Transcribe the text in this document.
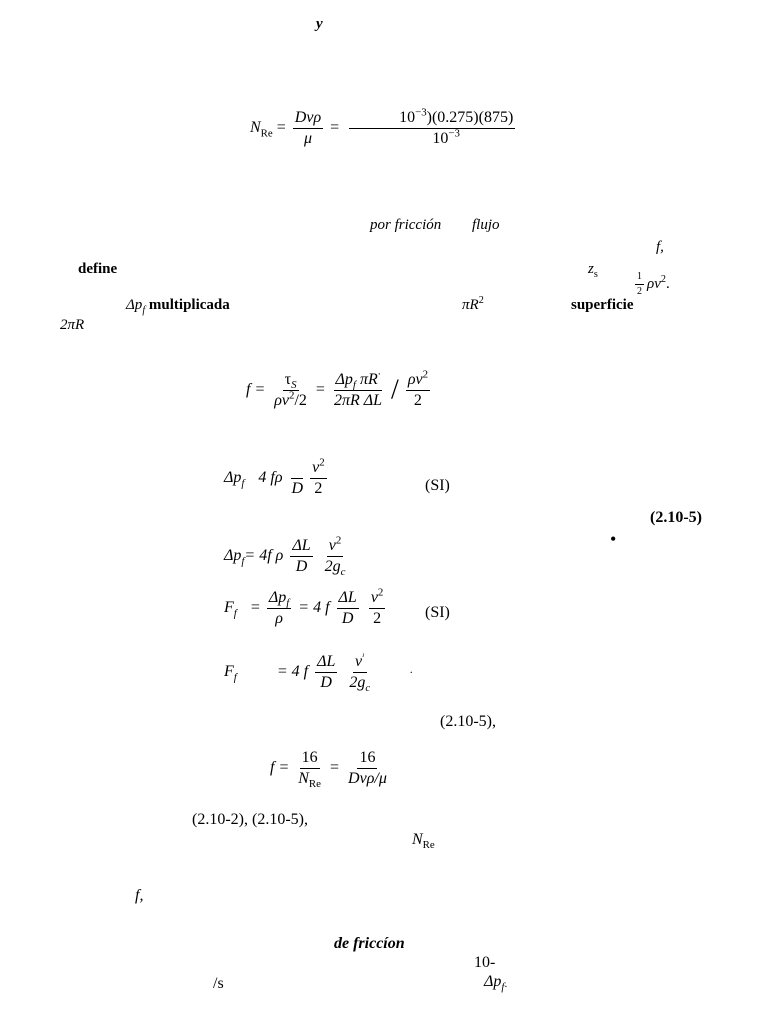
y
$N_{Re} = \frac{\text{Dvρ}}{\mu} = \frac{10^{-3})(0.275)(875)}{10^{-3}}$
por fricción flujo
f,
define	$z_s$	$\frac{1}{2} \rho v^2$.
$\Delta p_f$ multiplicada	$\pi R^2$	superficie
2πR
$f = \frac{\tau_S}{\rho v^2/2} = \frac{\Delta p_f \pi R^\cdot}{\text{2πR ΔL}} / \frac{\rho v^2}{2}$
$\Delta p_f$ 4 fρ

D
$\frac{v^2}{2}$	(SI)
(2.10-5)
•
$\Delta p_f= 4f$ ρ $\frac{\Delta L}{D}$
$\frac{v^2}{2g_c}$
$F_f = \frac{\Delta p_f}{\rho} = 4$ f $\frac{\Delta L}{D}$
$\frac{v^2}{2} (SI)$
$F_f$	= 4 f $\frac{\Delta L}{D}$
$\frac{v^ʴ}{2g_c}$	·
(2.10-5),
$f = \frac{16}{N_{Re}} = \frac{16}{\text{Dvρ/μ}}$
(2.10-2), (2.10-5),
$N_{Re}$
f,
de friccíon
10-
/s	$\Delta p_{f\cdot}$
